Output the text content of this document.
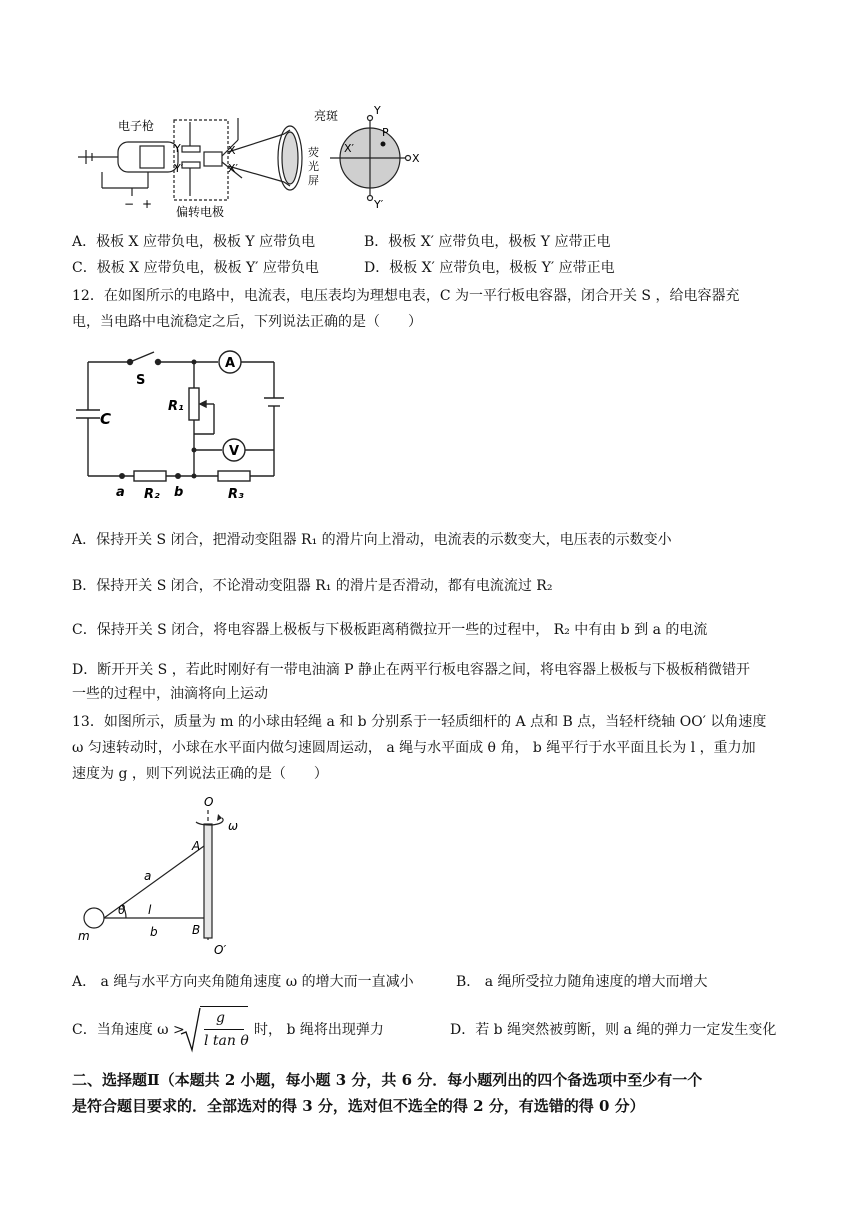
电子枪
偏转电极
亮斑
荧
光
屏
Y
Y′
X
X′
Y
Y′
X
X′
P
− +
A．极板 X 应带负电，极板 Y 应带负电	B．极板 X′ 应带负电，极板 Y 应带正电
C．极板 X 应带负电，极板 Y′ 应带负电	D．极板 X′ 应带负电，极板 Y′ 应带正电
12．在如图所示的电路中，电流表，电压表均为理想电表，C 为一平行板电容器，闭合开关 S ，给电容器充
电，当电路中电流稳定之后，下列说法正确的是（　　）
A
V
S
C
R₁
R₂	R₃
a	b
A．保持开关 S 闭合，把滑动变阻器 R₁ 的滑片向上滑动，电流表的示数变大，电压表的示数变小
B．保持开关 S 闭合，不论滑动变阻器 R₁ 的滑片是否滑动，都有电流流过 R₂
C．保持开关 S 闭合，将电容器上极板与下极板距离稍微拉开一些的过程中， R₂ 中有由 b 到 a 的电流
D．断开开关 S ，若此时刚好有一带电油滴 P 静止在两平行板电容器之间，将电容器上极板与下极板稍微错开
一些的过程中，油滴将向上运动
13．如图所示，质量为 m 的小球由轻绳 a 和 b 分别系于一轻质细杆的 A 点和 B 点，当轻杆绕轴 OO′ 以角速度
ω 匀速转动时，小球在水平面内做匀速圆周运动， a 绳与水平面成 θ 角， b 绳平行于水平面且长为 l ，重力加
速度为 g ，则下列说法正确的是（　　）
O
O′
ω
A
B
a
b
l
θ
m
A． a 绳与水平方向夹角随角速度 ω 的增大而一直减小	B． a 绳所受拉力随角速度的增大而增大
C．当角速度 ω >
g
l tan θ
时， b 绳将出现弹力	D．若 b 绳突然被剪断，则 a 绳的弹力一定发生变化
二、选择题Ⅱ（本题共 2 小题，每小题 3 分，共 6 分．每小题列出的四个备选项中至少有一个
是符合题目要求的．全部选对的得 3 分，选对但不选全的得 2 分，有选错的得 0 分）
